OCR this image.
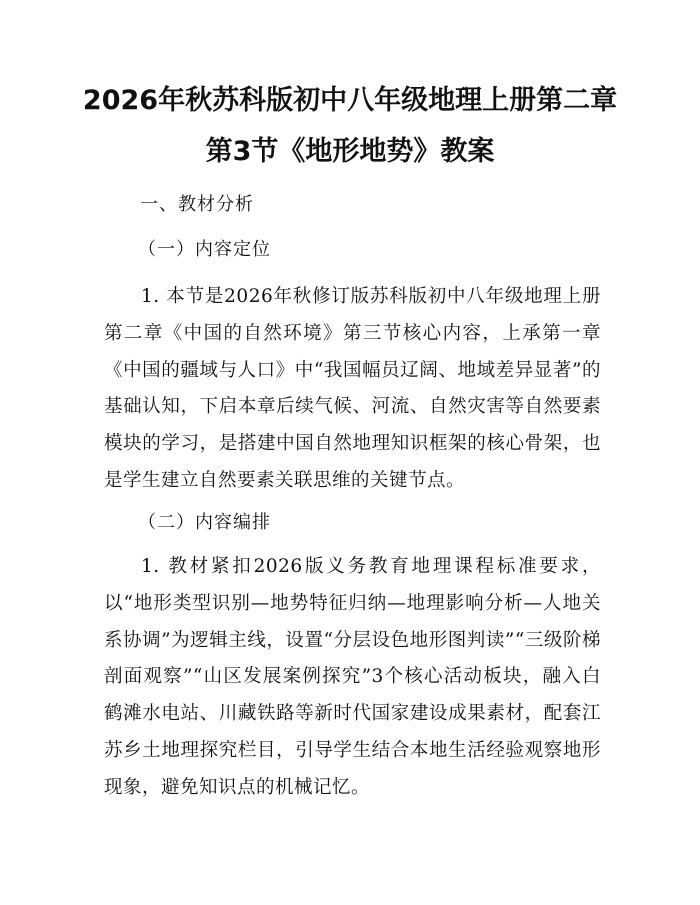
2026年秋苏科版初中八年级地理上册第二章
第3节《地形地势》教案
一、教材分析
（一）内容定位

1. 本节是2026年秋修订版苏科版初中八年级地理上册第二章《中国的自然环境》第三节核心内容，上承第一章《中国的疆域与人口》中“我国幅员辽阔、地域差异显著”的基础认知，下启本章后续气候、河流、自然灾害等自然要素模块的学习，是搭建中国自然地理知识框架的核心骨架，也是学生建立自然要素关联思维的关键节点。

（二）内容编排

1. 教材紧扣2026版义务教育地理课程标准要求，以“地形类型识别—地势特征归纳—地理影响分析—人地关系协调”为逻辑主线，设置“分层设色地形图判读”“三级阶梯剖面观察”“山区发展案例探究”3个核心活动板块，融入白鹤滩水电站、川藏铁路等新时代国家建设成果素材，配套江苏乡土地理探究栏目，引导学生结合本地生活经验观察地形现象，避免知识点的机械记忆。
